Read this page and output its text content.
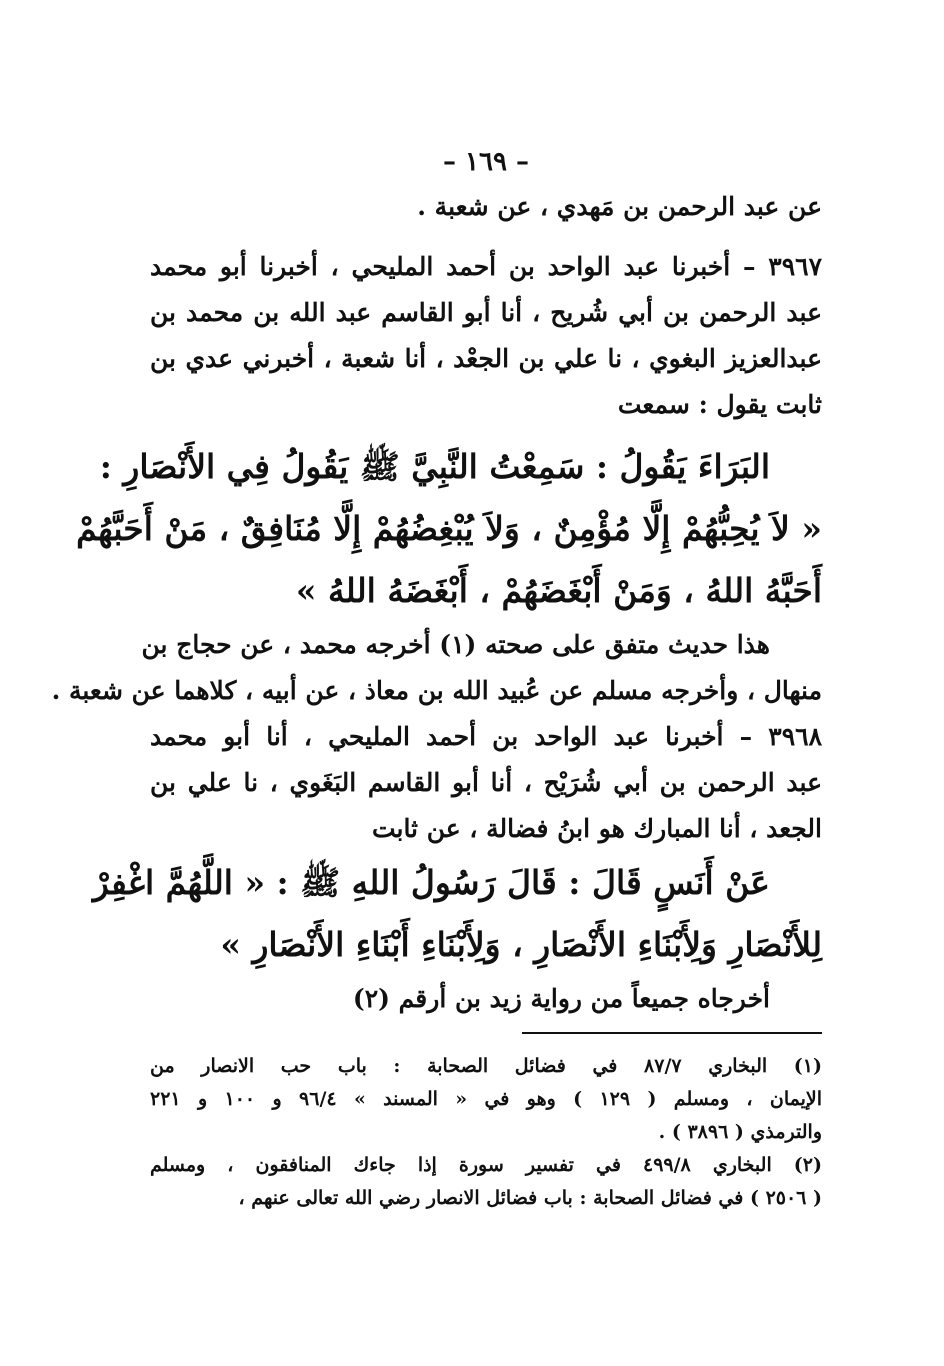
– ١٦٩ –
عن عبد الرحمن بن مَهدي ، عن شعبة .
٣٩٦٧ – أخبرنا عبد الواحد بن أحمد المليحي ، أخبرنا أبو محمد
عبد الرحمن بن أبي شُريح ، أنا أبو القاسم عبد الله بن محمد بن
عبدالعزيز البغوي ، نا علي بن الجعْد ، أنا شعبة ، أخبرني عدي بن
ثابت يقول : سمعت
البَرَاءَ يَقُولُ : سَمِعْتُ النَّبِيَّ ﷺ يَقُولُ فِي الأَنْصَارِ :
« لاَ يُحِبُّهُمْ إِلَّا مُؤْمِنٌ ، وَلاَ يُبْغِضُهُمْ إِلَّا مُنَافِقٌ ، مَنْ أَحَبَّهُمْ
أَحَبَّهُ اللهُ ، وَمَنْ أَبْغَضَهُمْ ، أَبْغَضَهُ اللهُ »
هذا حديث متفق على صحته (١) أخرجه محمد ، عن حجاج بن
منهال ، وأخرجه مسلم عن عُبيد الله بن معاذ ، عن أبيه ، كلاهما عن شعبة .
٣٩٦٨ – أخبرنا عبد الواحد بن أحمد المليحي ، أنا أبو محمد
عبد الرحمن بن أبي شُرَيْح ، أنا أبو القاسم البَغَوي ، نا علي بن
الجعد ، أنا المبارك هو ابنُ فضالة ، عن ثابت
عَنْ أَنَسٍ قَالَ : قَالَ رَسُولُ اللهِ ﷺ : « اللَّهُمَّ اغْفِرْ
لِلأَنْصَارِ وَلِأَبْنَاءِ الأَنْصَارِ ، وَلِأَبْنَاءِ أَبْنَاءِ الأَنْصَارِ »
أخرجاه جميعاً من رواية زيد بن أرقم (٢)
(١) البخاري ٨٧/٧ في فضائل الصحابة : باب حب الانصار من
الإيمان ، ومسلم ( ١٢٩ ) وهو في « المسند » ٩٦/٤ و ١٠٠ و ٢٢١
والترمذي ( ٣٨٩٦ ) .
(٢) البخاري ٤٩٩/٨ في تفسير سورة إذا جاءك المنافقون ، ومسلم
( ٢٥٠٦ ) في فضائل الصحابة : باب فضائل الانصار رضي الله تعالى عنهم ،
